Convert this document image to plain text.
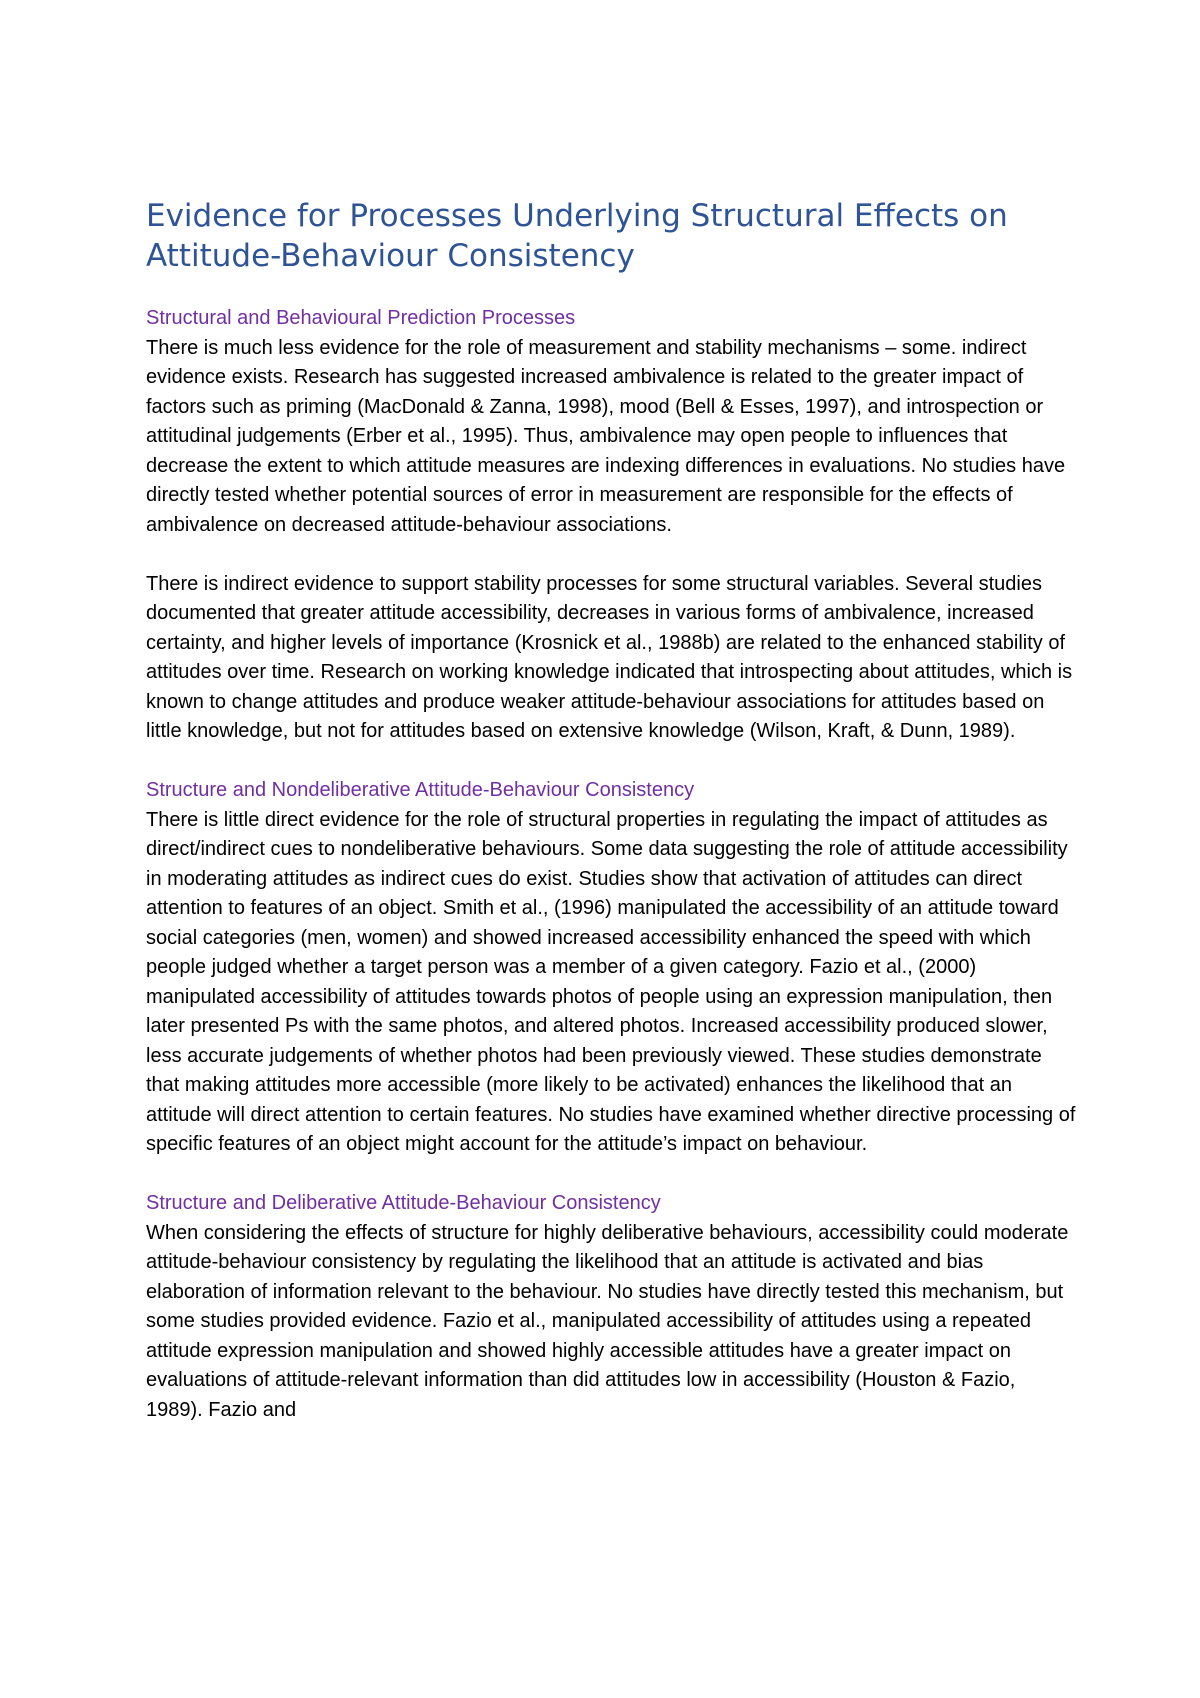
Evidence for Processes Underlying Structural Effects on Attitude-Behaviour Consistency
Structural and Behavioural Prediction Processes

There is much less evidence for the role of measurement and stability mechanisms – some. indirect evidence exists. Research has suggested increased ambivalence is related to the greater impact of factors such as priming (MacDonald & Zanna, 1998), mood (Bell & Esses, 1997), and introspection or attitudinal judgements (Erber et al., 1995). Thus, ambivalence may open people to influences that decrease the extent to which attitude measures are indexing differences in evaluations. No studies have directly tested whether potential sources of error in measurement are responsible for the effects of ambivalence on decreased attitude-behaviour associations.

There is indirect evidence to support stability processes for some structural variables. Several studies documented that greater attitude accessibility, decreases in various forms of ambivalence, increased certainty, and higher levels of importance (Krosnick et al., 1988b) are related to the enhanced stability of attitudes over time. Research on working knowledge indicated that introspecting about attitudes, which is known to change attitudes and produce weaker attitude-behaviour associations for attitudes based on little knowledge, but not for attitudes based on extensive knowledge (Wilson, Kraft, & Dunn, 1989).

Structure and Nondeliberative Attitude-Behaviour Consistency

There is little direct evidence for the role of structural properties in regulating the impact of attitudes as direct/indirect cues to nondeliberative behaviours. Some data suggesting the role of attitude accessibility in moderating attitudes as indirect cues do exist. Studies show that activation of attitudes can direct attention to features of an object. Smith et al., (1996) manipulated the accessibility of an attitude toward social categories (men, women) and showed increased accessibility enhanced the speed with which people judged whether a target person was a member of a given category. Fazio et al., (2000) manipulated accessibility of attitudes towards photos of people using an expression manipulation, then later presented Ps with the same photos, and altered photos. Increased accessibility produced slower, less accurate judgements of whether photos had been previously viewed. These studies demonstrate that making attitudes more accessible (more likely to be activated) enhances the likelihood that an attitude will direct attention to certain features. No studies have examined whether directive processing of specific features of an object might account for the attitude’s impact on behaviour.

Structure and Deliberative Attitude-Behaviour Consistency

When considering the effects of structure for highly deliberative behaviours, accessibility could moderate attitude-behaviour consistency by regulating the likelihood that an attitude is activated and bias elaboration of information relevant to the behaviour. No studies have directly tested this mechanism, but some studies provided evidence. Fazio et al., manipulated accessibility of attitudes using a repeated attitude expression manipulation and showed highly accessible attitudes have a greater impact on evaluations of attitude-relevant information than did attitudes low in accessibility (Houston & Fazio, 1989). Fazio and
